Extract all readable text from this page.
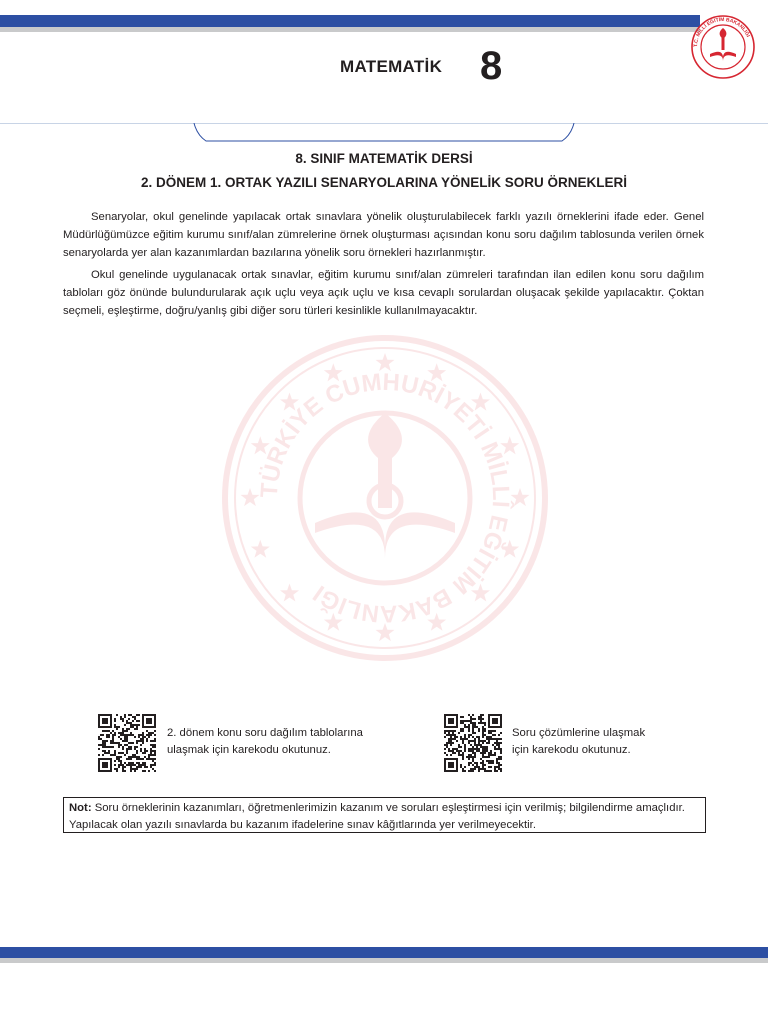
T.C. MİLLÎ EĞİTİM BAKANLIĞI
MATEMATİK 8
8. SINIF MATEMATİK DERSİ
2. DÖNEM 1. ORTAK YAZILI SENARYOLARINA YÖNELİK SORU ÖRNEKLERİ
TÜRKİYE CUMHURİYETİ MİLLÎ EĞİTİM BAKANLIĞI
2. dönem konu soru dağılım tablolarına
ulaşmak için karekodu okutunuz.
Soru çözümlerine ulaşmak
için karekodu okutunuz.
Not: Soru örneklerinin kazanımları, öğretmenlerimizin kazanım ve soruları eşleştirmesi için verilmiş; bilgilendirme amaçlıdır. Yapılacak olan yazılı sınavlarda bu kazanım ifadelerine sınav kâğıtlarında yer verilmeyecektir.
Senaryolar, okul genelinde yapılacak ortak sınavlara yönelik oluşturulabilecek farklı yazılı örneklerini ifade eder. Genel Müdürlüğümüzce eğitim kurumu sınıf/alan zümrelerine örnek oluşturması açısından konu soru dağılım tablosunda verilen örnek senaryolarda yer alan kazanımlardan bazılarına yönelik soru örnekleri hazırlanmıştır.
Okul genelinde uygulanacak ortak sınavlar, eğitim kurumu sınıf/alan zümreleri tarafından ilan edilen konu soru dağılım tabloları göz önünde bulundurularak açık uçlu veya açık uçlu ve kısa cevaplı sorulardan oluşacak şekilde yapılacaktır. Çoktan seçmeli, eşleştirme, doğru/yanlış gibi diğer soru türleri kesinlikle kullanılmayacaktır.
